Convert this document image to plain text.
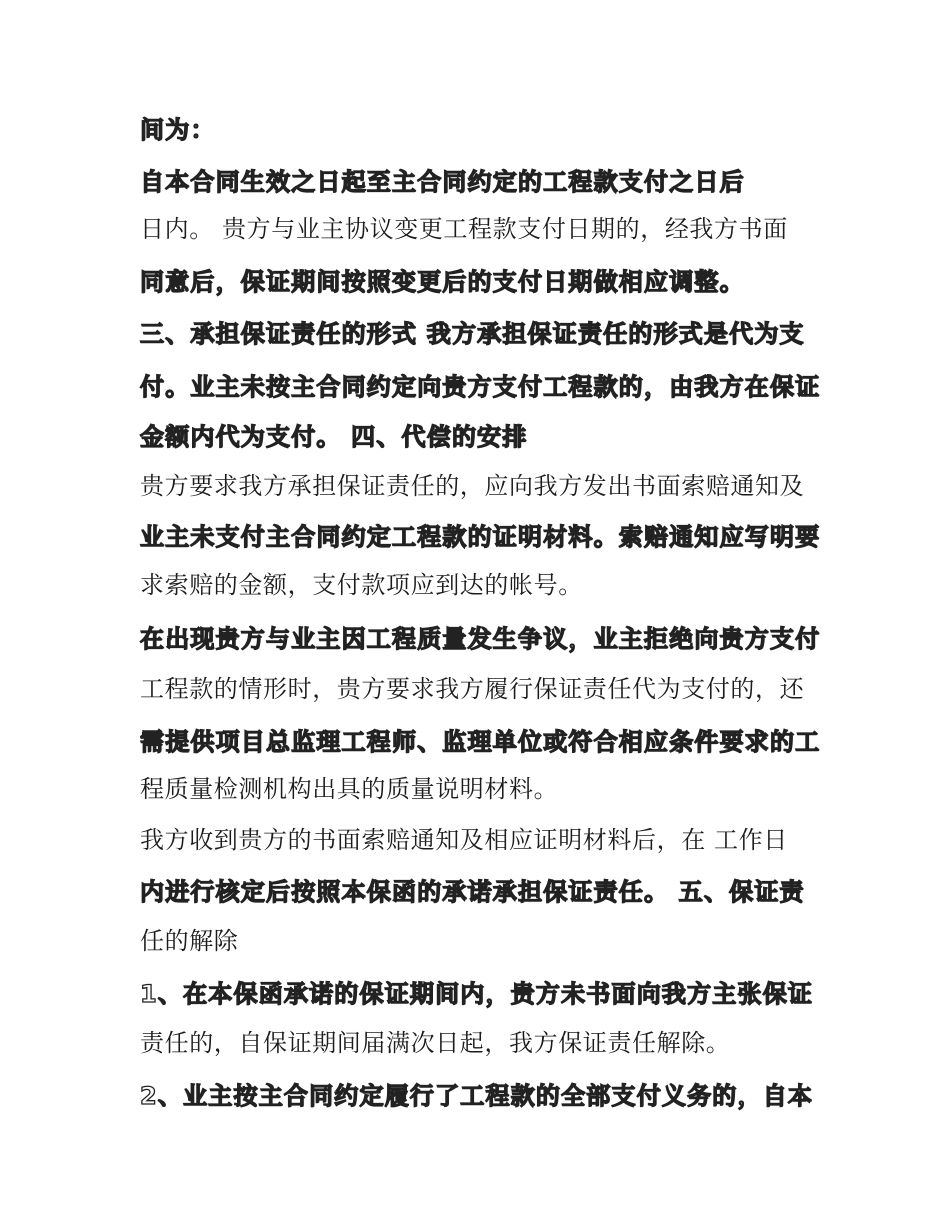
间为：
自本合同生效之日起至主合同约定的工程款支付之日后
日内。 贵方与业主协议变更工程款支付日期的，经我方书面
同意后，保证期间按照变更后的支付日期做相应调整。
三、承担保证责任的形式 我方承担保证责任的形式是代为支
付。业主未按主合同约定向贵方支付工程款的，由我方在保证
金额内代为支付。 四、代偿的安排
贵方要求我方承担保证责任的，应向我方发出书面索赔通知及
业主未支付主合同约定工程款的证明材料。索赔通知应写明要
求索赔的金额，支付款项应到达的帐号。
在出现贵方与业主因工程质量发生争议，业主拒绝向贵方支付
工程款的情形时，贵方要求我方履行保证责任代为支付的，还
需提供项目总监理工程师、监理单位或符合相应条件要求的工
程质量检测机构出具的质量说明材料。
我方收到贵方的书面索赔通知及相应证明材料后，在 工作日
内进行核定后按照本保函的承诺承担保证责任。 五、保证责
任的解除
1、在本保函承诺的保证期间内，贵方未书面向我方主张保证
责任的，自保证期间届满次日起，我方保证责任解除。
2、业主按主合同约定履行了工程款的全部支付义务的，自本
